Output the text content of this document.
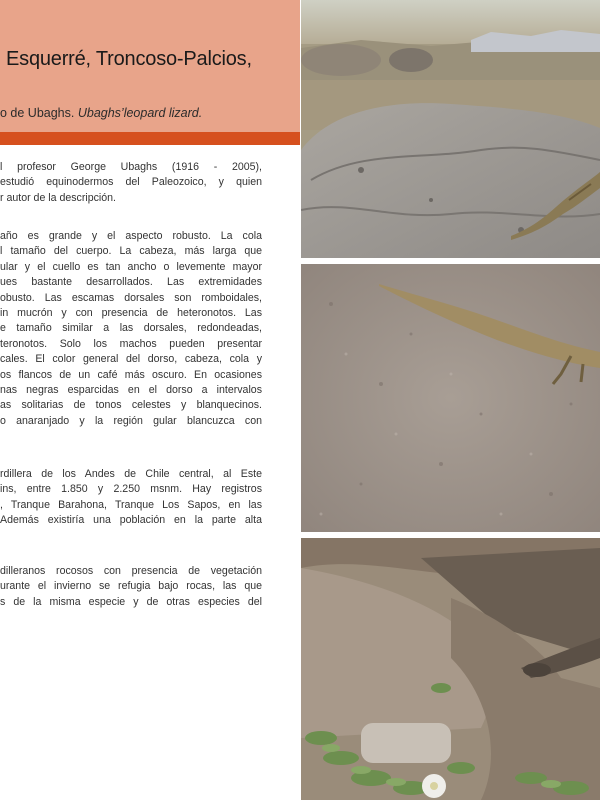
Esquerré, Troncoso-Palcios,
o de Ubaghs. Ubaghs’leopard lizard.
l profesor George Ubaghs (1916 - 2005),
estudió equinodermos del Paleozoico, y quien
r autor de la descripción.
año es grande y el aspecto robusto. La cola
l tamaño del cuerpo. La cabeza, más larga que
ular y el cuello es tan ancho o levemente mayor
ues bastante desarrollados. Las extremidades
obusto. Las escamas dorsales son romboidales,
in mucrón y con presencia de heteronotos. Las
e tamaño similar a las dorsales, redondeadas,
teronotos. Solo los machos pueden presentar
cales. El color general del dorso, cabeza, cola y
os flancos de un café más oscuro. En ocasiones
nas negras esparcidas en el dorso a intervalos
as solitarias de tonos celestes y blanquecinos.
o anaranjado y la región gular blancuzca con
rdillera de los Andes de Chile central, al Este
ins, entre 1.850 y 2.250 msnm. Hay registros
, Tranque Barahona, Tranque Los Sapos, en las
Además existiría una población en la parte alta
dilleranos rocosos con presencia de vegetación
urante el invierno se refugia bajo rocas, las que
s de la misma especie y de otras especies del
